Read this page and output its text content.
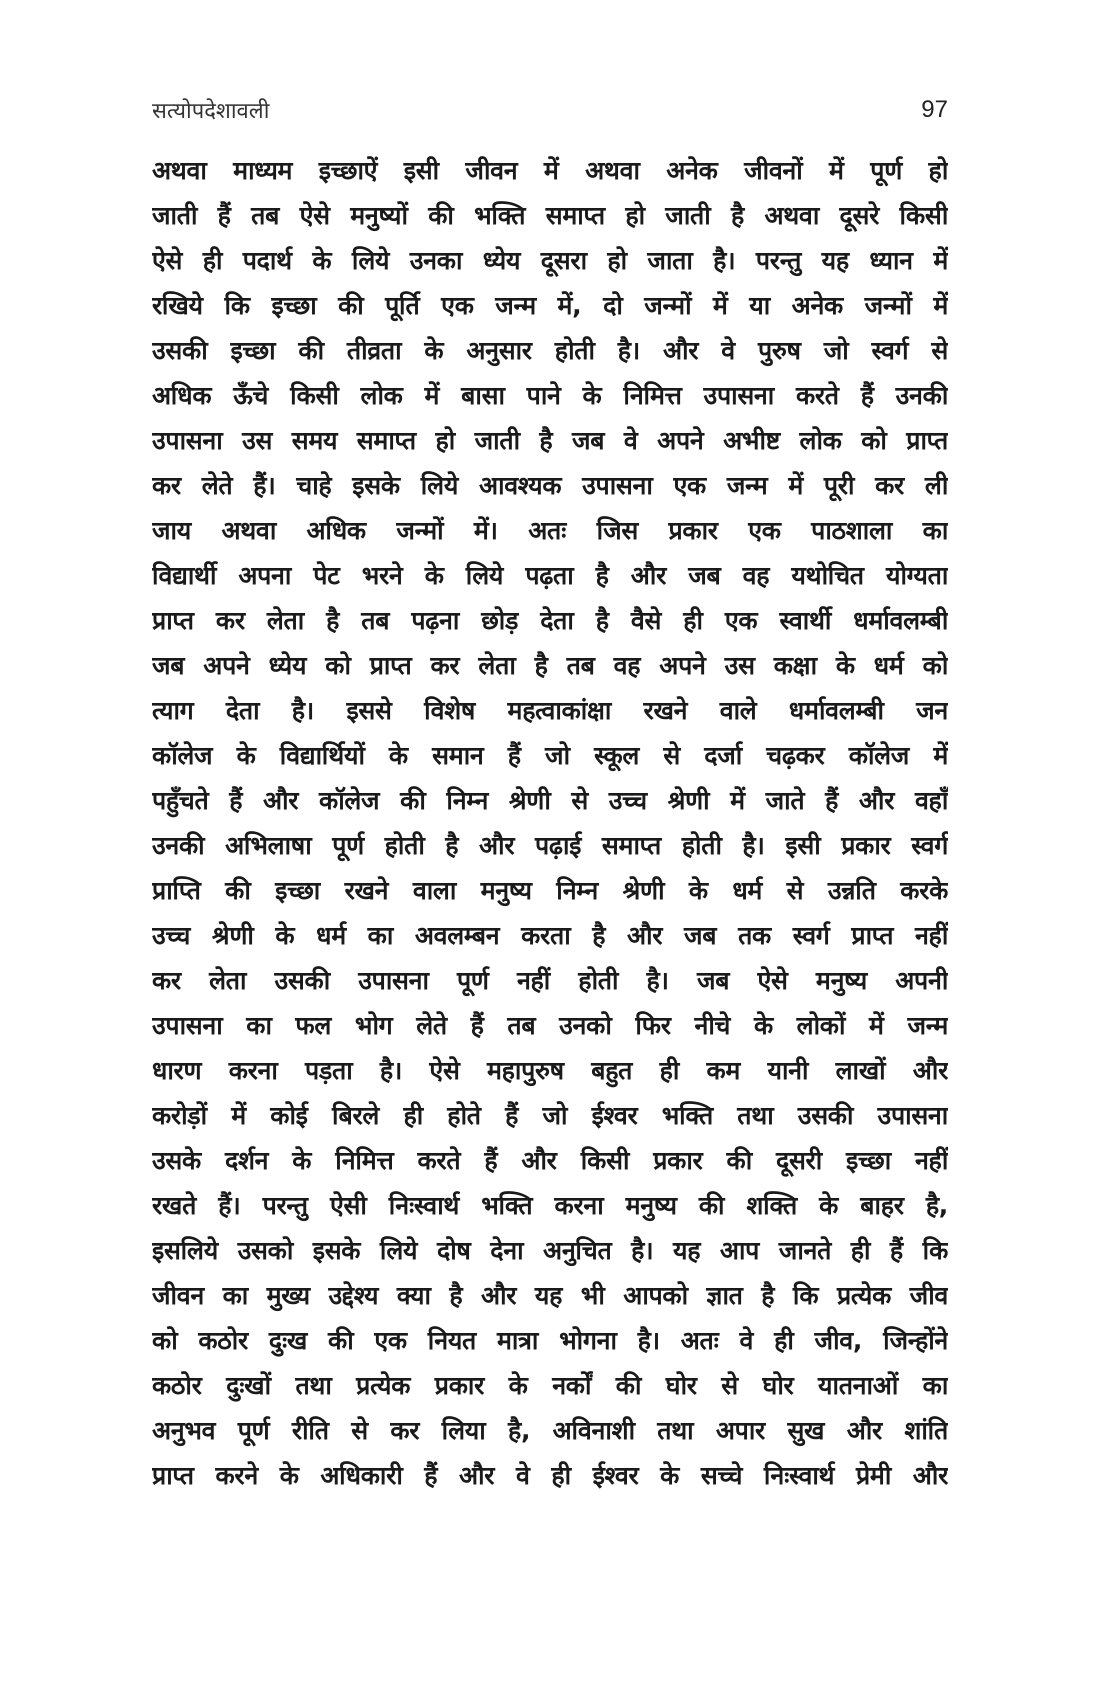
सत्योपदेशावली	97
अथवा माध्यम इच्छाऐं इसी जीवन में अथवा अनेक जीवनों में पूर्ण हो
जाती हैं तब ऐसे मनुष्यों की भक्ति समाप्त हो जाती है अथवा दूसरे किसी
ऐसे ही पदार्थ के लिये उनका ध्येय दूसरा हो जाता है। परन्तु यह ध्यान में
रखिये कि इच्छा की पूर्ति एक जन्म में, दो जन्मों में या अनेक जन्मों में
उसकी इच्छा की तीव्रता के अनुसार होती है। और वे पुरुष जो स्वर्ग से
अधिक ऊँचे किसी लोक में बासा पाने के निमित्त उपासना करते हैं उनकी
उपासना उस समय समाप्त हो जाती है जब वे अपने अभीष्ट लोक को प्राप्त
कर लेते हैं। चाहे इसके लिये आवश्यक उपासना एक जन्म में पूरी कर ली
जाय अथवा अधिक जन्मों में। अतः जिस प्रकार एक पाठशाला का
विद्यार्थी अपना पेट भरने के लिये पढ़ता है और जब वह यथोचित योग्यता
प्राप्त कर लेता है तब पढ़ना छोड़ देता है वैसे ही एक स्वार्थी धर्मावलम्बी
जब अपने ध्येय को प्राप्त कर लेता है तब वह अपने उस कक्षा के धर्म को
त्याग देता है। इससे विशेष महत्वाकांक्षा रखने वाले धर्मावलम्बी जन
कॉलेज के विद्यार्थियों के समान हैं जो स्कूल से दर्जा चढ़कर कॉलेज में
पहुँचते हैं और कॉलेज की निम्न श्रेणी से उच्च श्रेणी में जाते हैं और वहाँ
उनकी अभिलाषा पूर्ण होती है और पढ़ाई समाप्त होती है। इसी प्रकार स्वर्ग
प्राप्ति की इच्छा रखने वाला मनुष्य निम्न श्रेणी के धर्म से उन्नति करके
उच्च श्रेणी के धर्म का अवलम्बन करता है और जब तक स्वर्ग प्राप्त नहीं
कर लेता उसकी उपासना पूर्ण नहीं होती है। जब ऐसे मनुष्य अपनी
उपासना का फल भोग लेते हैं तब उनको फिर नीचे के लोकों में जन्म
धारण करना पड़ता है। ऐसे महापुरुष बहुत ही कम यानी लाखों और
करोड़ों में कोई बिरले ही होते हैं जो ईश्वर भक्ति तथा उसकी उपासना
उसके दर्शन के निमित्त करते हैं और किसी प्रकार की दूसरी इच्छा नहीं
रखते हैं। परन्तु ऐसी निःस्वार्थ भक्ति करना मनुष्य की शक्ति के बाहर है,
इसलिये उसको इसके लिये दोष देना अनुचित है। यह आप जानते ही हैं कि
जीवन का मुख्य उद्देश्य क्या है और यह भी आपको ज्ञात है कि प्रत्येक जीव
को कठोर दुःख की एक नियत मात्रा भोगना है। अतः वे ही जीव, जिन्होंने
कठोर दुःखों तथा प्रत्येक प्रकार के नर्कों की घोर से घोर यातनाओं का
अनुभव पूर्ण रीति से कर लिया है, अविनाशी तथा अपार सुख और शांति
प्राप्त करने के अधिकारी हैं और वे ही ईश्वर के सच्चे निःस्वार्थ प्रेमी और
